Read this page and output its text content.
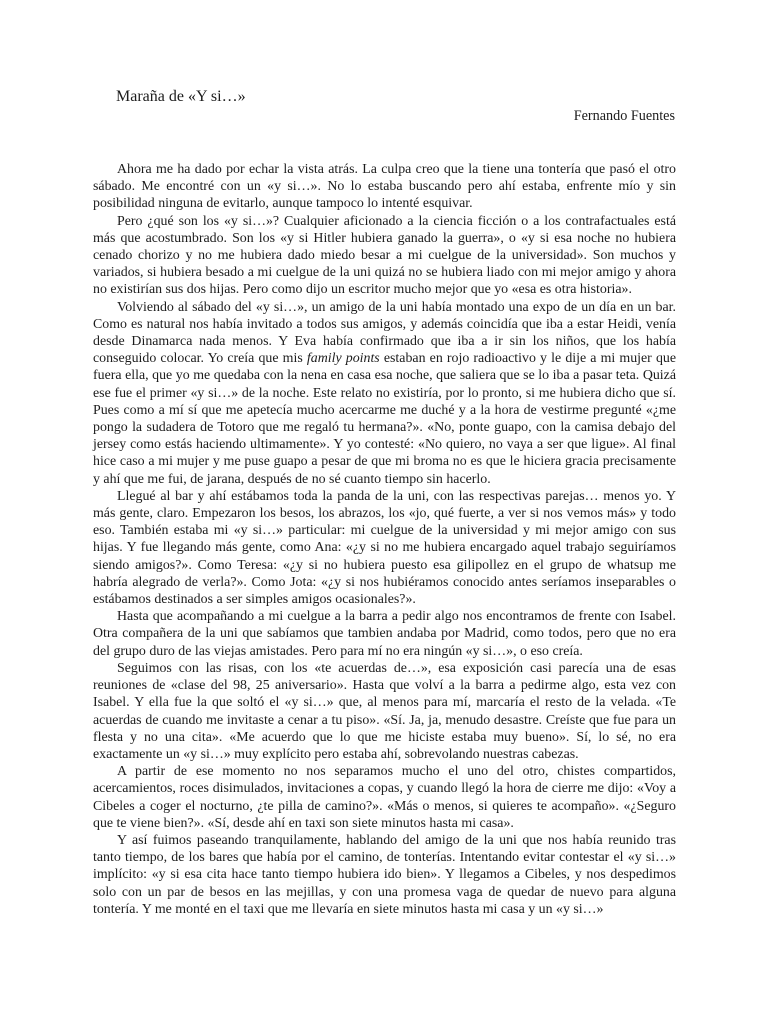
Maraña de «Y si…»
Fernando Fuentes

Ahora me ha dado por echar la vista atrás. La culpa creo que la tiene una tontería que pasó el otro sábado. Me encontré con un «y si…». No lo estaba buscando pero ahí estaba, enfrente mío y sin posibilidad ninguna de evitarlo, aunque tampoco lo intenté esquivar.

Pero ¿qué son los «y si…»? Cualquier aficionado a la ciencia ficción o a los contrafactuales está más que acostumbrado. Son los «y si Hitler hubiera ganado la guerra», o «y si esa noche no hubiera cenado chorizo y no me hubiera dado miedo besar a mi cuelgue de la universidad». Son muchos y variados, si hubiera besado a mi cuelgue de la uni quizá no se hubiera liado con mi mejor amigo y ahora no existirían sus dos hijas. Pero como dijo un escritor mucho mejor que yo «esa es otra historia».

Volviendo al sábado del «y si…», un amigo de la uni había montado una expo de un día en un bar. Como es natural nos había invitado a todos sus amigos, y además coincidía que iba a estar Heidi, venía desde Dinamarca nada menos. Y Eva había confirmado que iba a ir sin los niños, que los había conseguido colocar. Yo creía que mis family points estaban en rojo radioactivo y le dije a mi mujer que fuera ella, que yo me quedaba con la nena en casa esa noche, que saliera que se lo iba a pasar teta. Quizá ese fue el primer «y si…» de la noche. Este relato no existiría, por lo pronto, si me hubiera dicho que sí. Pues como a mí sí que me apetecía mucho acercarme me duché y a la hora de vestirme pregunté «¿me pongo la sudadera de Totoro que me regaló tu hermana?». «No, ponte guapo, con la camisa debajo del jersey como estás haciendo ultimamente». Y yo contesté: «No quiero, no vaya a ser que ligue». Al final hice caso a mi mujer y me puse guapo a pesar de que mi broma no es que le hiciera gracia precisamente y ahí que me fui, de jarana, después de no sé cuanto tiempo sin hacerlo.

Llegué al bar y ahí estábamos toda la panda de la uni, con las respectivas parejas… menos yo. Y más gente, claro. Empezaron los besos, los abrazos, los «jo, qué fuerte, a ver si nos vemos más» y todo eso. También estaba mi «y si…» particular: mi cuelgue de la universidad y mi mejor amigo con sus hijas. Y fue llegando más gente, como Ana: «¿y si no me hubiera encargado aquel trabajo seguiríamos siendo amigos?». Como Teresa: «¿y si no hubiera puesto esa gilipollez en el grupo de whatsup me habría alegrado de verla?». Como Jota: «¿y si nos hubiéramos conocido antes seríamos inseparables o estábamos destinados a ser simples amigos ocasionales?».

Hasta que acompañando a mi cuelgue a la barra a pedir algo nos encontramos de frente con Isabel. Otra compañera de la uni que sabíamos que tambien andaba por Madrid, como todos, pero que no era del grupo duro de las viejas amistades. Pero para mí no era ningún «y si…», o eso creía.

Seguimos con las risas, con los «te acuerdas de…», esa exposición casi parecía una de esas reuniones de «clase del 98, 25 aniversario». Hasta que volví a la barra a pedirme algo, esta vez con Isabel. Y ella fue la que soltó el «y si…» que, al menos para mí, marcaría el resto de la velada. «Te acuerdas de cuando me invitaste a cenar a tu piso». «Sí. Ja, ja, menudo desastre. Creíste que fue para un flesta y no una cita». «Me acuerdo que lo que me hiciste estaba muy bueno». Sí, lo sé, no era exactamente un «y si…» muy explícito pero estaba ahí, sobrevolando nuestras cabezas.

A partir de ese momento no nos separamos mucho el uno del otro, chistes compartidos, acercamientos, roces disimulados, invitaciones a copas, y cuando llegó la hora de cierre me dijo: «Voy a Cibeles a coger el nocturno, ¿te pilla de camino?». «Más o menos, si quieres te acompaño». «¿Seguro que te viene bien?». «Sí, desde ahí en taxi son siete minutos hasta mi casa».

Y así fuimos paseando tranquilamente, hablando del amigo de la uni que nos había reunido tras tanto tiempo, de los bares que había por el camino, de tonterías. Intentando evitar contestar el «y si…» implícito: «y si esa cita hace tanto tiempo hubiera ido bien». Y llegamos a Cibeles, y nos despedimos solo con un par de besos en las mejillas, y con una promesa vaga de quedar de nuevo para alguna tontería. Y me monté en el taxi que me llevaría en siete minutos hasta mi casa y un «y si…»
